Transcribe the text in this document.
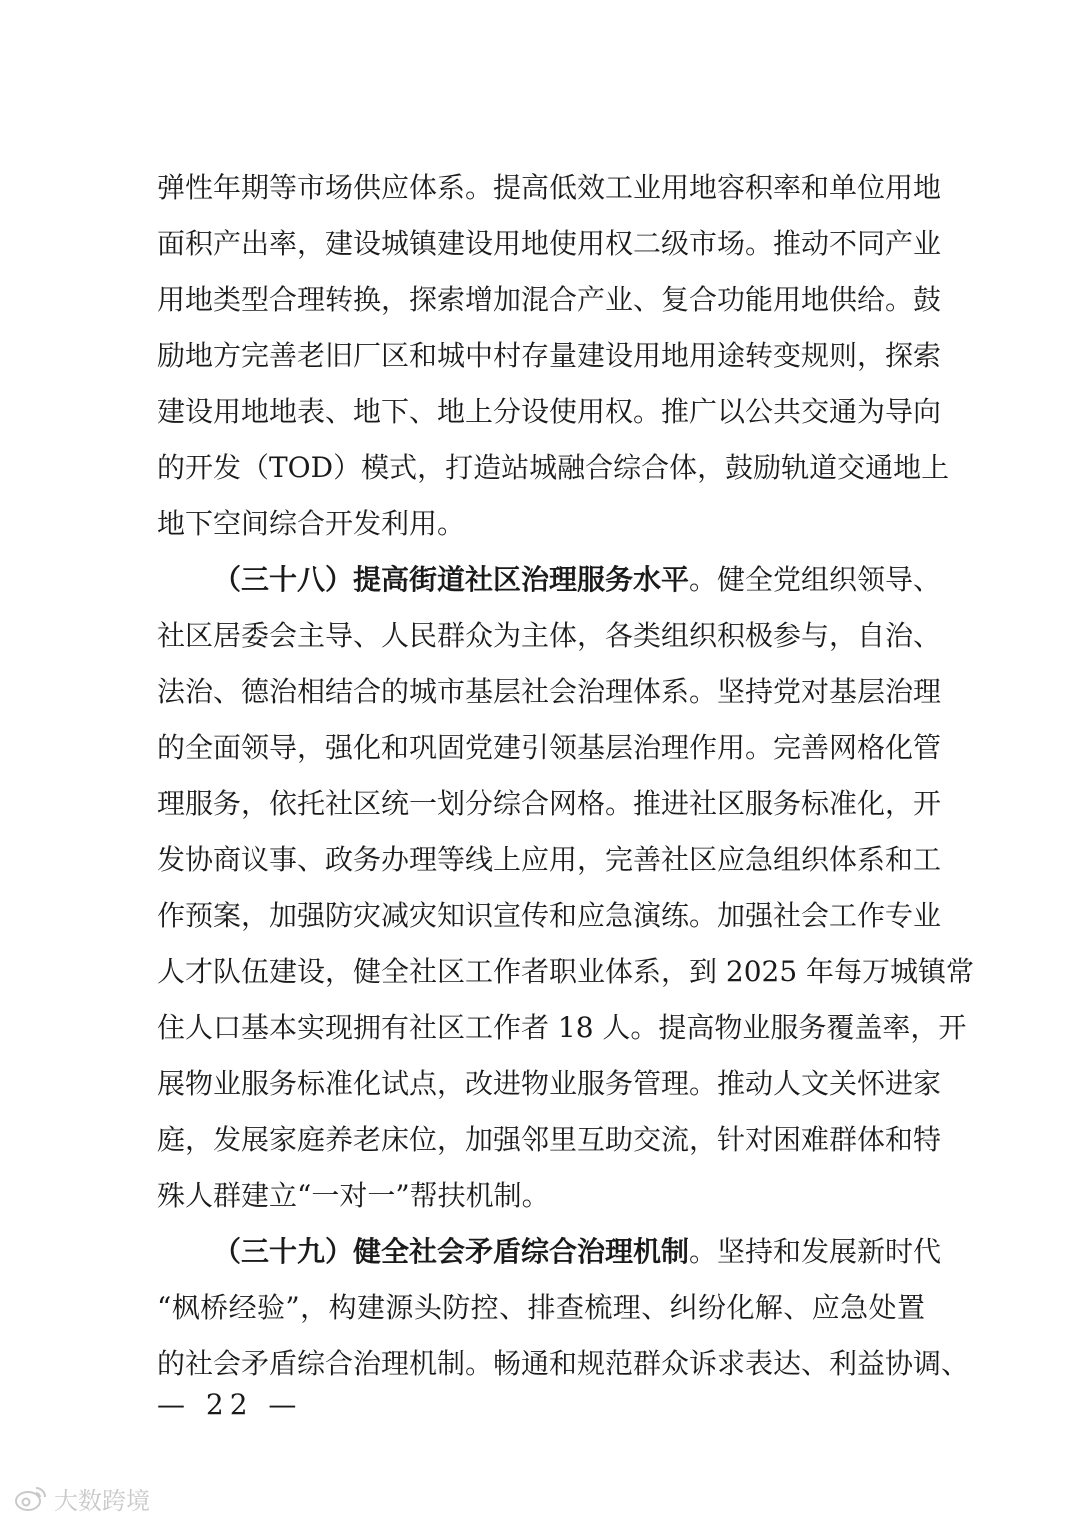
弹性年期等市场供应体系。提高低效工业用地容积率和单位用地
面积产出率，建设城镇建设用地使用权二级市场。推动不同产业
用地类型合理转换，探索增加混合产业、复合功能用地供给。鼓
励地方完善老旧厂区和城中村存量建设用地用途转变规则，探索
建设用地地表、地下、地上分设使用权。推广以公共交通为导向
的开发（TOD）模式，打造站城融合综合体，鼓励轨道交通地上
地下空间综合开发利用。
（三十八）提高街道社区治理服务水平。健全党组织领导、
社区居委会主导、人民群众为主体，各类组织积极参与，自治、
法治、德治相结合的城市基层社会治理体系。坚持党对基层治理
的全面领导，强化和巩固党建引领基层治理作用。完善网格化管
理服务，依托社区统一划分综合网格。推进社区服务标准化，开
发协商议事、政务办理等线上应用，完善社区应急组织体系和工
作预案，加强防灾减灾知识宣传和应急演练。加强社会工作专业
人才队伍建设，健全社区工作者职业体系，到 2025 年每万城镇常
住人口基本实现拥有社区工作者 18 人。提高物业服务覆盖率，开
展物业服务标准化试点，改进物业服务管理。推动人文关怀进家
庭，发展家庭养老床位，加强邻里互助交流，针对困难群体和特
殊人群建立“一对一”帮扶机制。
（三十九）健全社会矛盾综合治理机制。坚持和发展新时代
“枫桥经验”，构建源头防控、排查梳理、纠纷化解、应急处置
的社会矛盾综合治理机制。畅通和规范群众诉求表达、利益协调、
— 22 —
大数跨境
